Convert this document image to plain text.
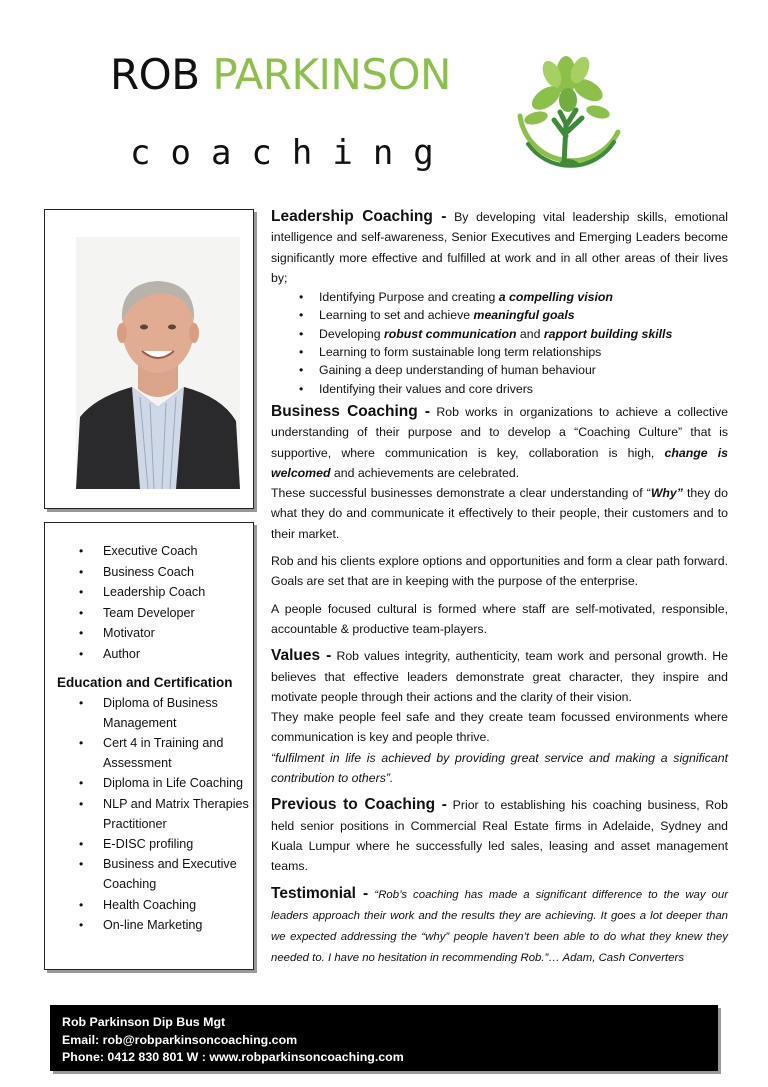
ROB PARKINSON
coaching
• Executive Coach
• Business Coach
• Leadership Coach
• Team Developer
• Motivator
• Author
Education and Certification
• Diploma of Business Management
• Cert 4 in Training and Assessment
• Diploma in Life Coaching
• NLP and Matrix Therapies Practitioner
• E-DISC profiling
• Business and Executive Coaching
• Health Coaching
• On-line Marketing

Leadership Coaching - By developing vital leadership skills, emotional intelligence and self-awareness, Senior Executives and Emerging Leaders become significantly more effective and fulfilled at work and in all other areas of their lives by;

• Identifying Purpose and creating a compelling vision
• Learning to set and achieve meaningful goals
• Developing robust communication and rapport building skills
• Learning to form sustainable long term relationships
• Gaining a deep understanding of human behaviour
• Identifying their values and core drivers

Business Coaching - Rob works in organizations to achieve a collective understanding of their purpose and to develop a “Coaching Culture” that is supportive, where communication is key, collaboration is high, change is welcomed and achievements are celebrated.

These successful businesses demonstrate a clear understanding of “Why” they do what they do and communicate it effectively to their people, their customers and to their market.

Rob and his clients explore options and opportunities and form a clear path forward. Goals are set that are in keeping with the purpose of the enterprise.

A people focused cultural is formed where staff are self-motivated, responsible, accountable & productive team-players.

Values - Rob values integrity, authenticity, team work and personal growth. He believes that effective leaders demonstrate great character, they inspire and motivate people through their actions and the clarity of their vision.

They make people feel safe and they create team focussed environments where communication is key and people thrive.

“fulfilment in life is achieved by providing great service and making a significant contribution to others”.

Previous to Coaching - Prior to establishing his coaching business, Rob held senior positions in Commercial Real Estate firms in Adelaide, Sydney and Kuala Lumpur where he successfully led sales, leasing and asset management teams.

Testimonial - “Rob’s coaching has made a significant difference to the way our leaders approach their work and the results they are achieving. It goes a lot deeper than we expected addressing the “why” people haven’t been able to do what they knew they needed to. I have no hesitation in recommending Rob.”… Adam, Cash Converters

Rob Parkinson Dip Bus Mgt
Email: rob@robparkinsoncoaching.com
Phone: 0412 830 801 W : www.robparkinsoncoaching.com
